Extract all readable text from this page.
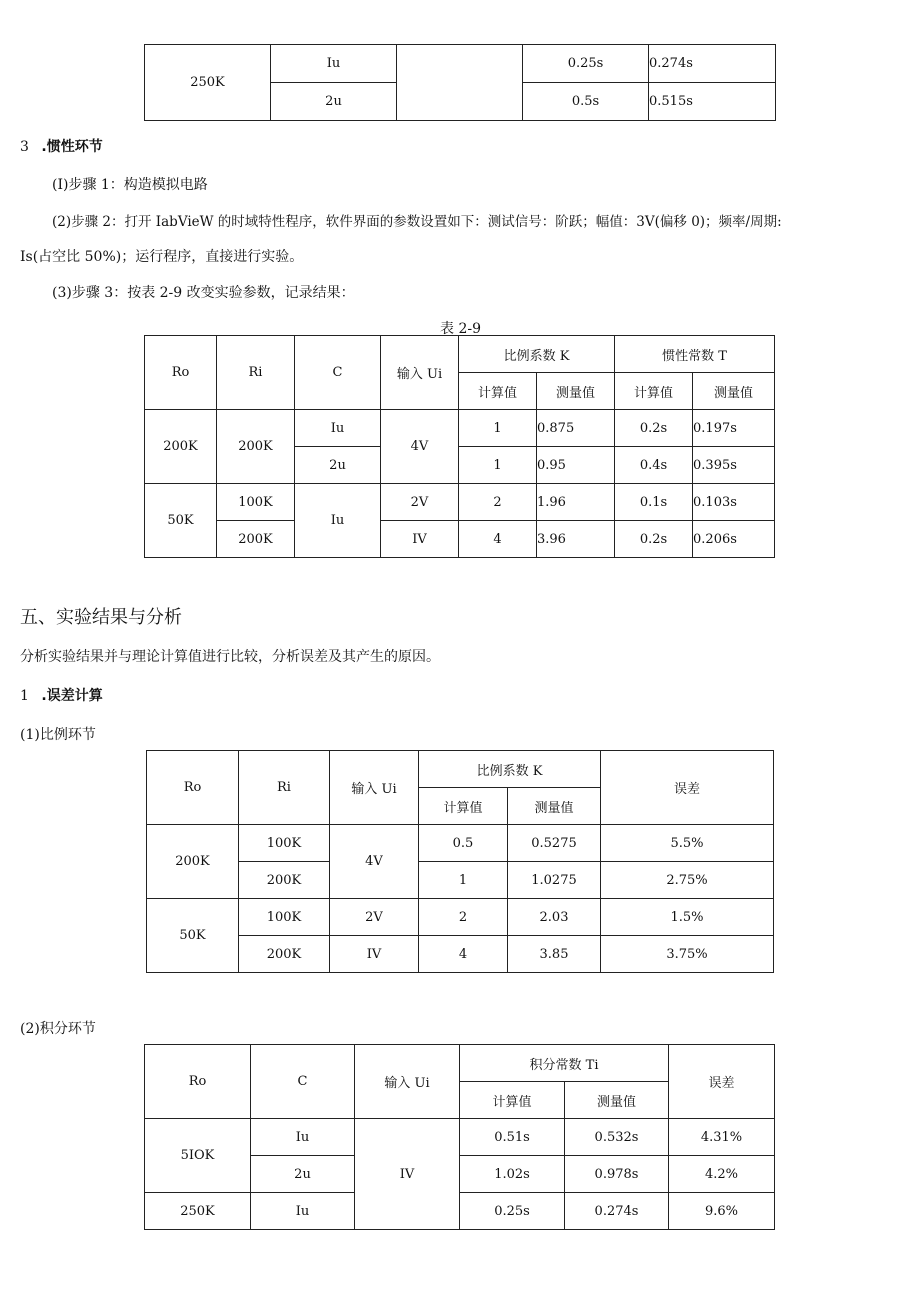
250K	Iu		0.25s	0.274s
	2u		0.5s	0.515s
3 .惯性环节
(I)步骤 1：构造模拟电路
(2)步骤 2：打开 IabVieW 的时域特性程序，软件界面的参数设置如下：测试信号：阶跃；幅值：3V(偏移 0)；频率/周期:
Is(占空比 50%)；运行程序，直接进行实验。
(3)步骤 3：按表 2-9 改变实验参数，记录结果：
表 2-9
Ro	Ri	C	输入 Ui	比例系数 K		惯性常数 T	
				计算值	测量值	计算值	测量值
200K	200K	Iu	4V	1	0.875	0.2s	0.197s
		2u		1	0.95	0.4s	0.395s
50K	100K	Iu	2V	2	1.96	0.1s	0.103s
	200K		IV	4	3.96	0.2s	0.206s
五、实验结果与分析
分析实验结果并与理论计算值进行比较，分析误差及其产生的原因。
1 .误差计算
(1)比例环节
Ro	Ri	输入 Ui	比例系数 K		误差
			计算值	测量值	
200K	100K	4V	0.5	0.5275	5.5%
	200K		1	1.0275	2.75%
50K	100K	2V	2	2.03	1.5%
	200K	IV	4	3.85	3.75%
(2)积分环节
Ro	C	输入 Ui	积分常数 Ti		误差
			计算值	测量值	
5IOK	Iu	IV	0.51s	0.532s	4.31%
	2u		1.02s	0.978s	4.2%
250K	Iu		0.25s	0.274s	9.6%
